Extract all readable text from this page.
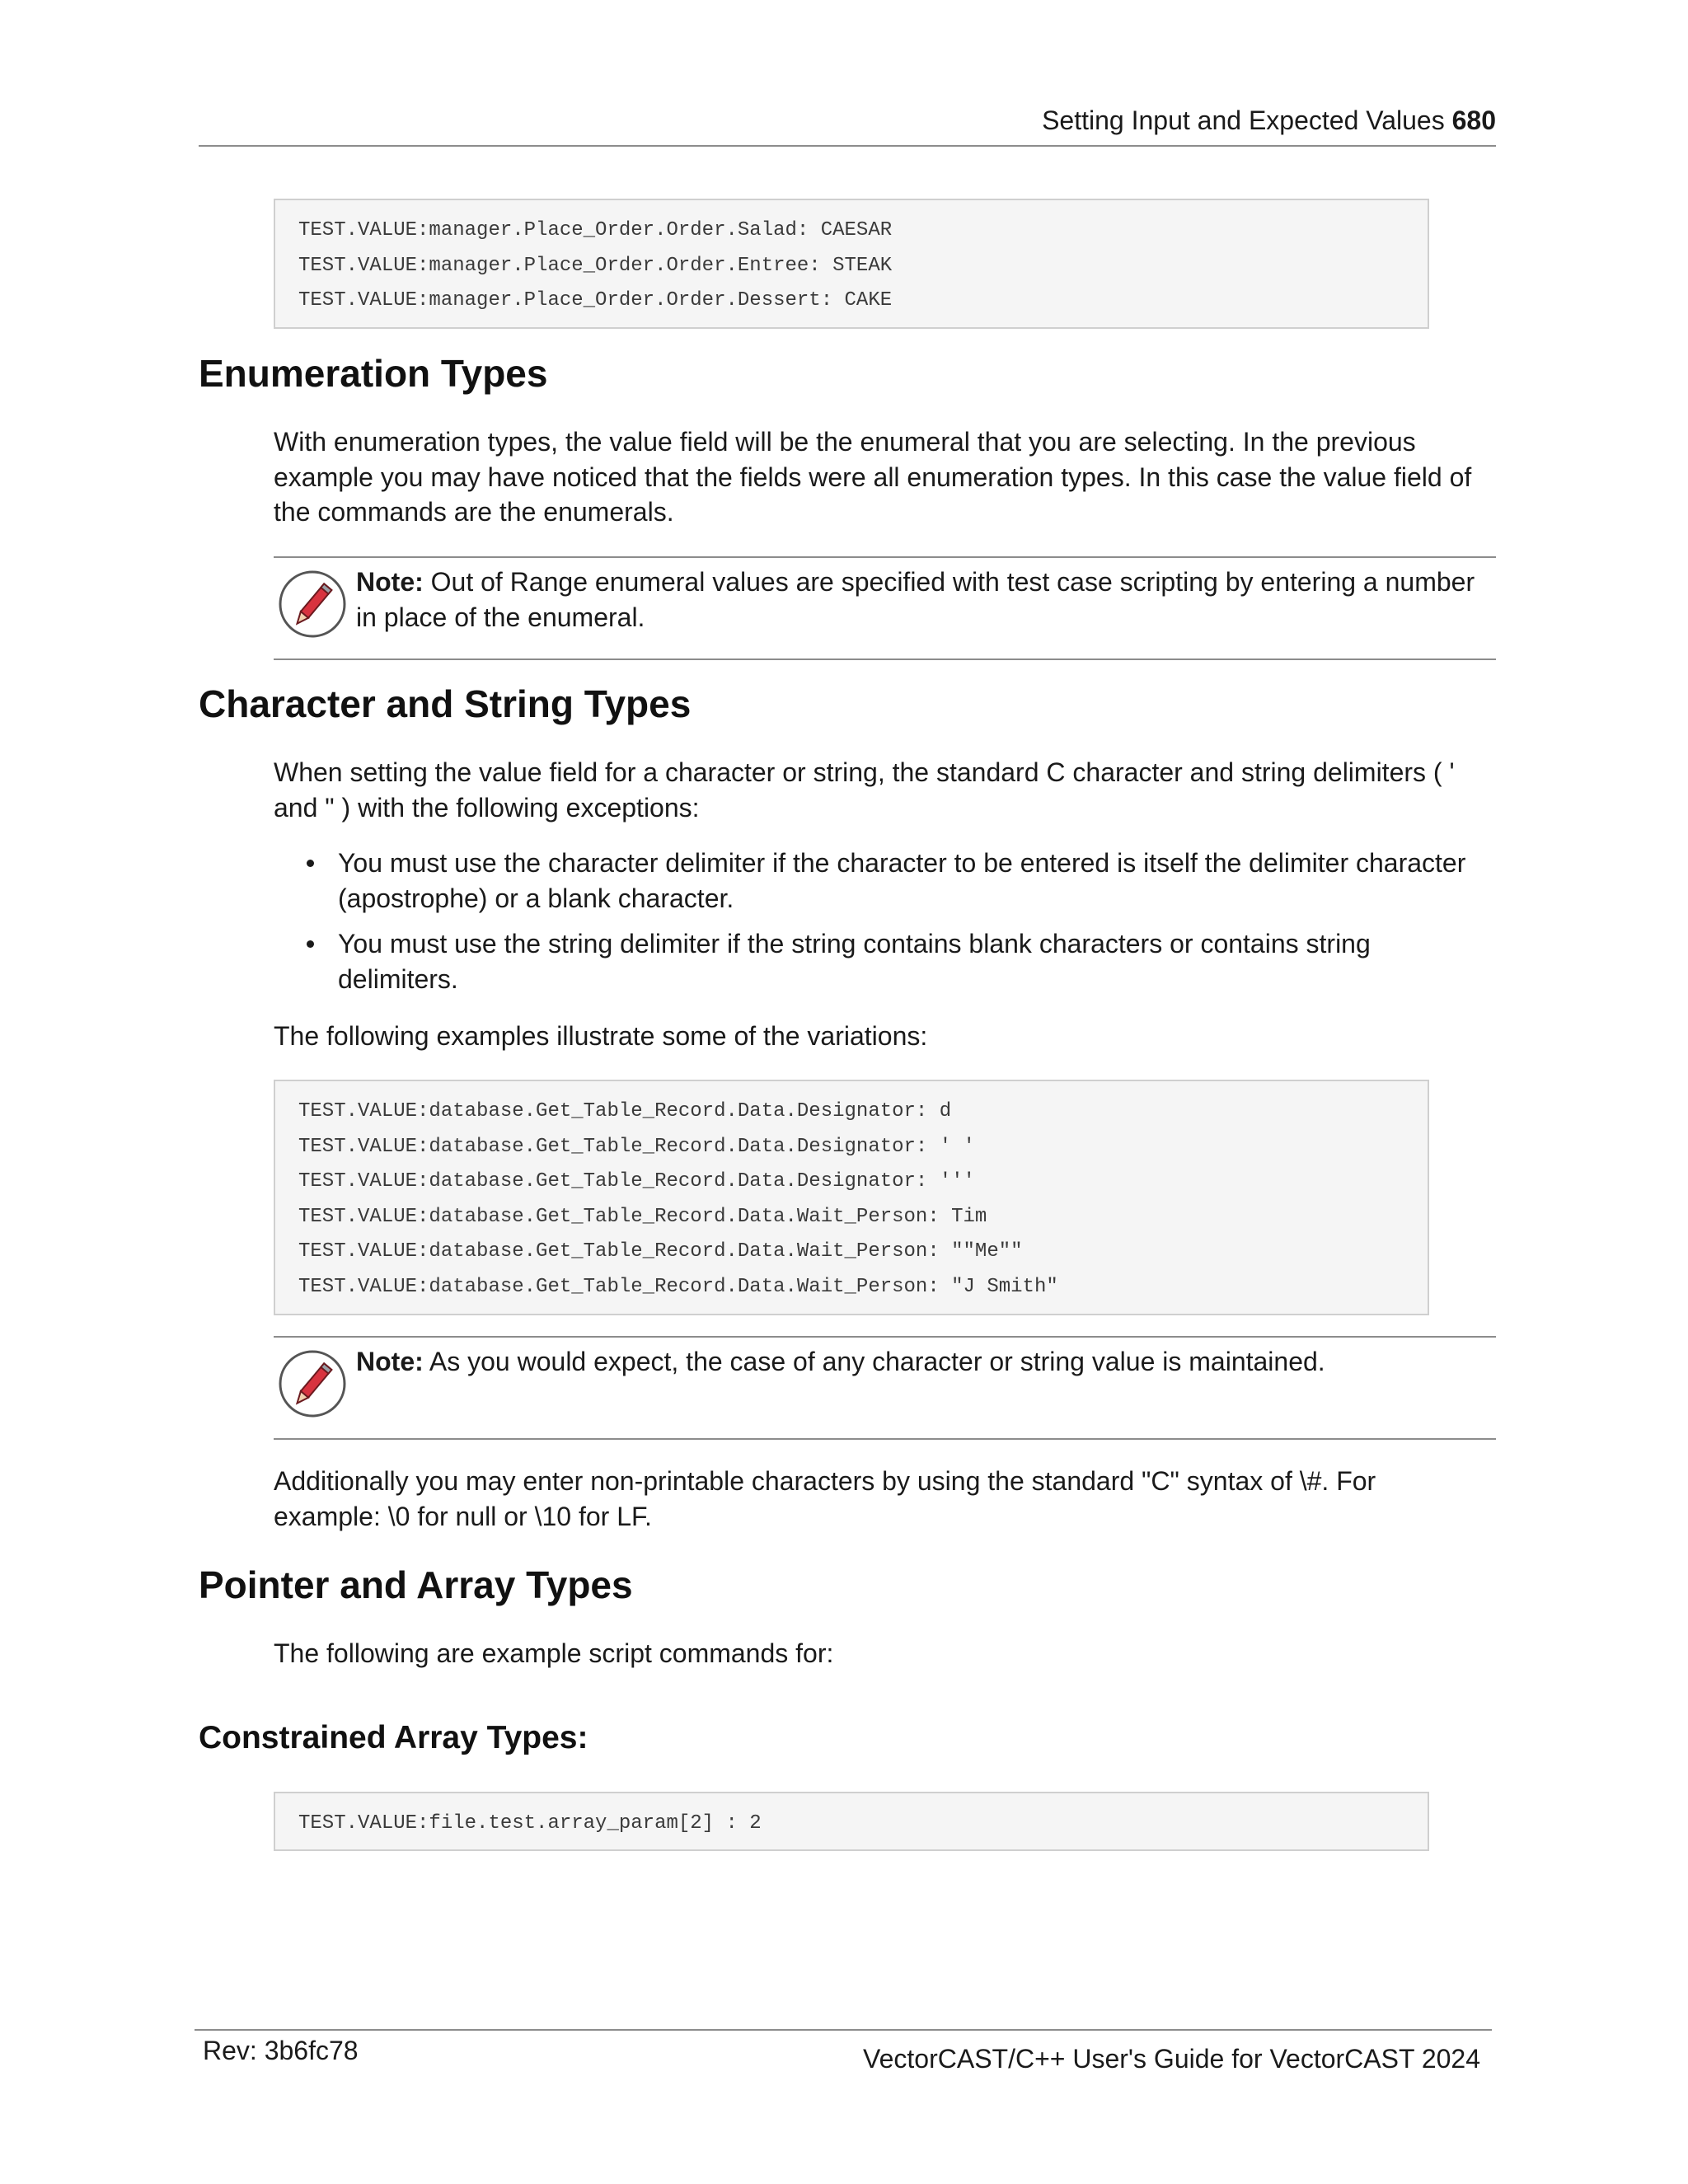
Setting Input and Expected Values 680
TEST.VALUE:manager.Place_Order.Order.Salad: CAESAR
TEST.VALUE:manager.Place_Order.Order.Entree: STEAK
TEST.VALUE:manager.Place_Order.Order.Dessert: CAKE
Enumeration Types
With enumeration types, the value field will be the enumeral that you are selecting. In the previous example you may have noticed that the fields were all enumeration types. In this case the value field of the commands are the enumerals.
Note: Out of Range enumeral values are specified with test case scripting by entering a number in place of the enumeral.
Character and String Types
When setting the value field for a character or string, the standard C character and string delimiters ( ' and " ) with the following exceptions:
You must use the character delimiter if the character to be entered is itself the delimiter character (apostrophe) or a blank character.
You must use the string delimiter if the string contains blank characters or contains string delimiters.
The following examples illustrate some of the variations:
TEST.VALUE:database.Get_Table_Record.Data.Designator: d
TEST.VALUE:database.Get_Table_Record.Data.Designator: ' '
TEST.VALUE:database.Get_Table_Record.Data.Designator: '''
TEST.VALUE:database.Get_Table_Record.Data.Wait_Person: Tim
TEST.VALUE:database.Get_Table_Record.Data.Wait_Person: ""Me""
TEST.VALUE:database.Get_Table_Record.Data.Wait_Person: "J Smith"
Note: As you would expect, the case of any character or string value is maintained.
Additionally you may enter non-printable characters by using the standard "C" syntax of \#. For example: \0 for null or \10 for LF.
Pointer and Array Types
The following are example script commands for:
Constrained Array Types:
TEST.VALUE:file.test.array_param[2] : 2
Rev: 3b6fc78	VectorCAST/C++ User's Guide for VectorCAST 2024
